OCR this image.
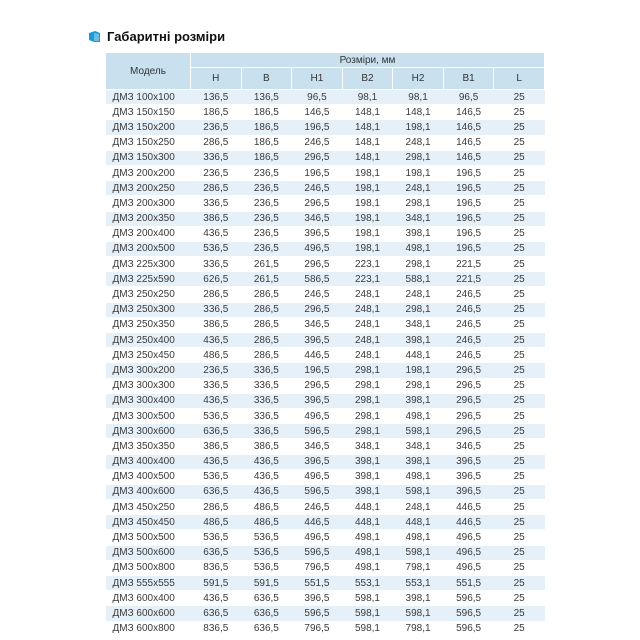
Габаритні розміри
Модель	Розміри, мм						
	H	B	H1	B2	H2	B1	L
ДМЗ 100x100	136,5	136,5	96,5	98,1	98,1	96,5	25
ДМЗ 150x150	186,5	186,5	146,5	148,1	148,1	146,5	25
ДМЗ 150x200	236,5	186,5	196,5	148,1	198,1	146,5	25
ДМЗ 150x250	286,5	186,5	246,5	148,1	248,1	146,5	25
ДМЗ 150x300	336,5	186,5	296,5	148,1	298,1	146,5	25
ДМЗ 200x200	236,5	236,5	196,5	198,1	198,1	196,5	25
ДМЗ 200x250	286,5	236,5	246,5	198,1	248,1	196,5	25
ДМЗ 200x300	336,5	236,5	296,5	198,1	298,1	196,5	25
ДМЗ 200x350	386,5	236,5	346,5	198,1	348,1	196,5	25
ДМЗ 200x400	436,5	236,5	396,5	198,1	398,1	196,5	25
ДМЗ 200x500	536,5	236,5	496,5	198,1	498,1	196,5	25
ДМЗ 225x300	336,5	261,5	296,5	223,1	298,1	221,5	25
ДМЗ 225x590	626,5	261,5	586,5	223,1	588,1	221,5	25
ДМЗ 250x250	286,5	286,5	246,5	248,1	248,1	246,5	25
ДМЗ 250x300	336,5	286,5	296,5	248,1	298,1	246,5	25
ДМЗ 250x350	386,5	286,5	346,5	248,1	348,1	246,5	25
ДМЗ 250x400	436,5	286,5	396,5	248,1	398,1	246,5	25
ДМЗ 250x450	486,5	286,5	446,5	248,1	448,1	246,5	25
ДМЗ 300x200	236,5	336,5	196,5	298,1	198,1	296,5	25
ДМЗ 300x300	336,5	336,5	296,5	298,1	298,1	296,5	25
ДМЗ 300x400	436,5	336,5	396,5	298,1	398,1	296,5	25
ДМЗ 300x500	536,5	336,5	496,5	298,1	498,1	296,5	25
ДМЗ 300x600	636,5	336,5	596,5	298,1	598,1	296,5	25
ДМЗ 350x350	386,5	386,5	346,5	348,1	348,1	346,5	25
ДМЗ 400x400	436,5	436,5	396,5	398,1	398,1	396,5	25
ДМЗ 400x500	536,5	436,5	496,5	398,1	498,1	396,5	25
ДМЗ 400x600	636,5	436,5	596,5	398,1	598,1	396,5	25
ДМЗ 450x250	286,5	486,5	246,5	448,1	248,1	446,5	25
ДМЗ 450x450	486,5	486,5	446,5	448,1	448,1	446,5	25
ДМЗ 500x500	536,5	536,5	496,5	498,1	498,1	496,5	25
ДМЗ 500x600	636,5	536,5	596,5	498,1	598,1	496,5	25
ДМЗ 500x800	836,5	536,5	796,5	498,1	798,1	496,5	25
ДМЗ 555x555	591,5	591,5	551,5	553,1	553,1	551,5	25
ДМЗ 600x400	436,5	636,5	396,5	598,1	398,1	596,5	25
ДМЗ 600x600	636,5	636,5	596,5	598,1	598,1	596,5	25
ДМЗ 600x800	836,5	636,5	796,5	598,1	798,1	596,5	25
